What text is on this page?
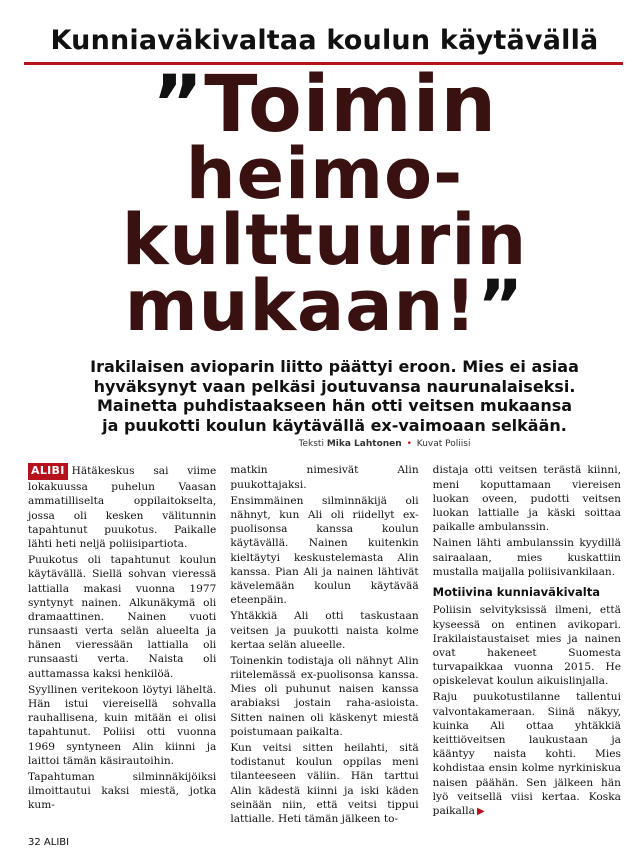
Kunniaväkivaltaa koulun käytävällä
”Toimin
heimo-
kulttuurin
mukaan!”
Irakilaisen avioparin liitto päättyi eroon. Mies ei asiaa hyväksynyt vaan pelkäsi joutuvansa naurunalaiseksi. Mainetta puhdistaakseen hän otti veitsen mukaansa ja puukotti koulun käytävällä ex-vaimoaan selkään.
Teksti Mika Lahtonen • Kuvat Poliisi

ALIBI Hätäkeskus sai viime lokakuussa puhelun Vaasan ammatilliselta oppilaitokselta, jossa oli kesken välitunnin tapahtunut puukotus. Paikalle lähti heti neljä poliisipartiota.

Puukotus oli tapahtunut koulun käytävällä. Siellä sohvan vieressä lattialla makasi vuonna 1977 syntynyt nainen. Alkunäkymä oli dramaattinen. Nainen vuoti runsaasti verta selän alueelta ja hänen vieressään lattialla oli runsaasti verta. Naista oli auttamassa kaksi henkilöä.

Syyllinen veritekoon löytyi läheltä. Hän istui viereisellä sohvalla rauhallisena, kuin mitään ei olisi tapahtunut. Poliisi otti vuonna 1969 syntyneen Alin kiinni ja laittoi tämän käsirautoihin.

Tapahtuman silminnäkijöiksi ilmoittautui kaksi miestä, jotka kum-

matkin nimesivät Alin puukottajaksi.

Ensimmäinen silminnäkijä oli nähnyt, kun Ali oli riidellyt ex-puolisonsa kanssa koulun käytävällä. Nainen kuitenkin kieltäytyi keskustelemasta Alin kanssa. Pian Ali ja nainen lähtivät kävelemään koulun käytävää eteenpäin.

Yhtäkkiä Ali otti taskustaan veitsen ja puukotti naista kolme kertaa selän alueelle.

Toinenkin todistaja oli nähnyt Alin riitelemässä ex-puolisonsa kanssa. Mies oli puhunut naisen kanssa arabiaksi jostain raha-asioista. Sitten nainen oli käskenyt miestä poistumaan paikalta.

Kun veitsi sitten heilahti, sitä todistanut koulun oppilas meni tilanteeseen väliin. Hän tarttui Alin kädestä kiinni ja iski käden seinään niin, että veitsi tippui lattialle. Heti tämän jälkeen to-

distaja otti veitsen terästä kiinni, meni koputtamaan viereisen luokan oveen, pudotti veitsen luokan lattialle ja käski soittaa paikalle ambulanssin.

Nainen lähti ambulanssin kyydillä sairaalaan, mies kuskattiin mustalla maijalla poliisivankilaan.

Motiivina kunniaväkivalta

Poliisin selvityksissä ilmeni, että kyseessä on entinen avikopari. Irakilaistaustaiset mies ja nainen ovat hakeneet Suomesta turvapaikkaa vuonna 2015. He opiskelevat koulun aikuislinjalla.

Raju puukotustilanne tallentui valvontakameraan. Siinä näkyy, kuinka Ali ottaa yhtäkkiä keittiöveitsen laukustaan ja kääntyy naista kohti. Mies kohdistaa ensin kolme nyrkiniskua naisen päähän. Sen jälkeen hän lyö veitsellä viisi kertaa. Koska paikalla ▶

32 ALIBI
